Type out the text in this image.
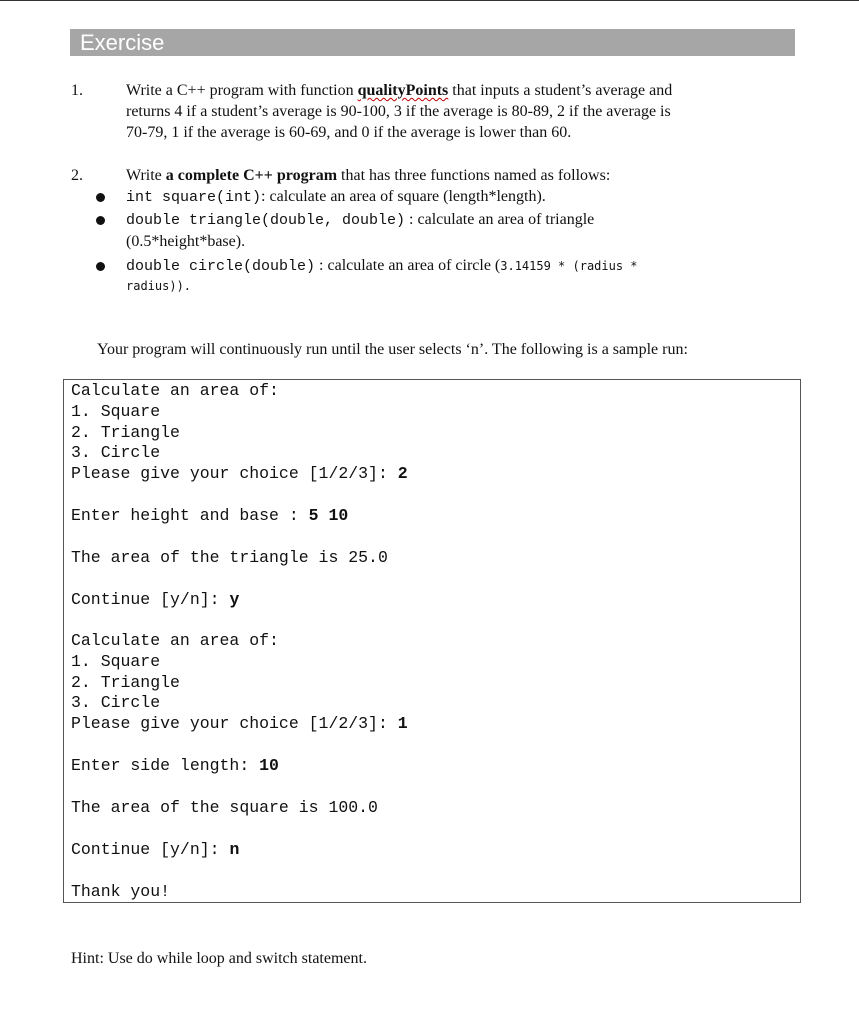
Exercise
1.	Write a C++ program with function qualityPoints that inputs a student’s average and
returns 4 if a student’s average is 90-100, 3 if the average is 80-89, 2 if the average is
70-79, 1 if the average is 60-69, and 0 if the average is lower than 60.
2.	Write a complete C++ program that has three functions named as follows:
int square(int): calculate an area of square (length*length).
double triangle(double, double) : calculate an area of triangle
(0.5*height*base).
double circle(double) : calculate an area of circle (3.14159 * (radius *
radius)).
Your program will continuously run until the user selects ‘n’. The following is a sample run:
Calculate an area of:
1. Square
2. Triangle
3. Circle
Please give your choice [1/2/3]: 2
Enter height and base : 5 10
The area of the triangle is 25.0
Continue [y/n]: y
Calculate an area of:
1. Square
2. Triangle
3. Circle
Please give your choice [1/2/3]: 1
Enter side length: 10
The area of the square is 100.0
Continue [y/n]: n
Thank you!
Hint: Use do while loop and switch statement.
